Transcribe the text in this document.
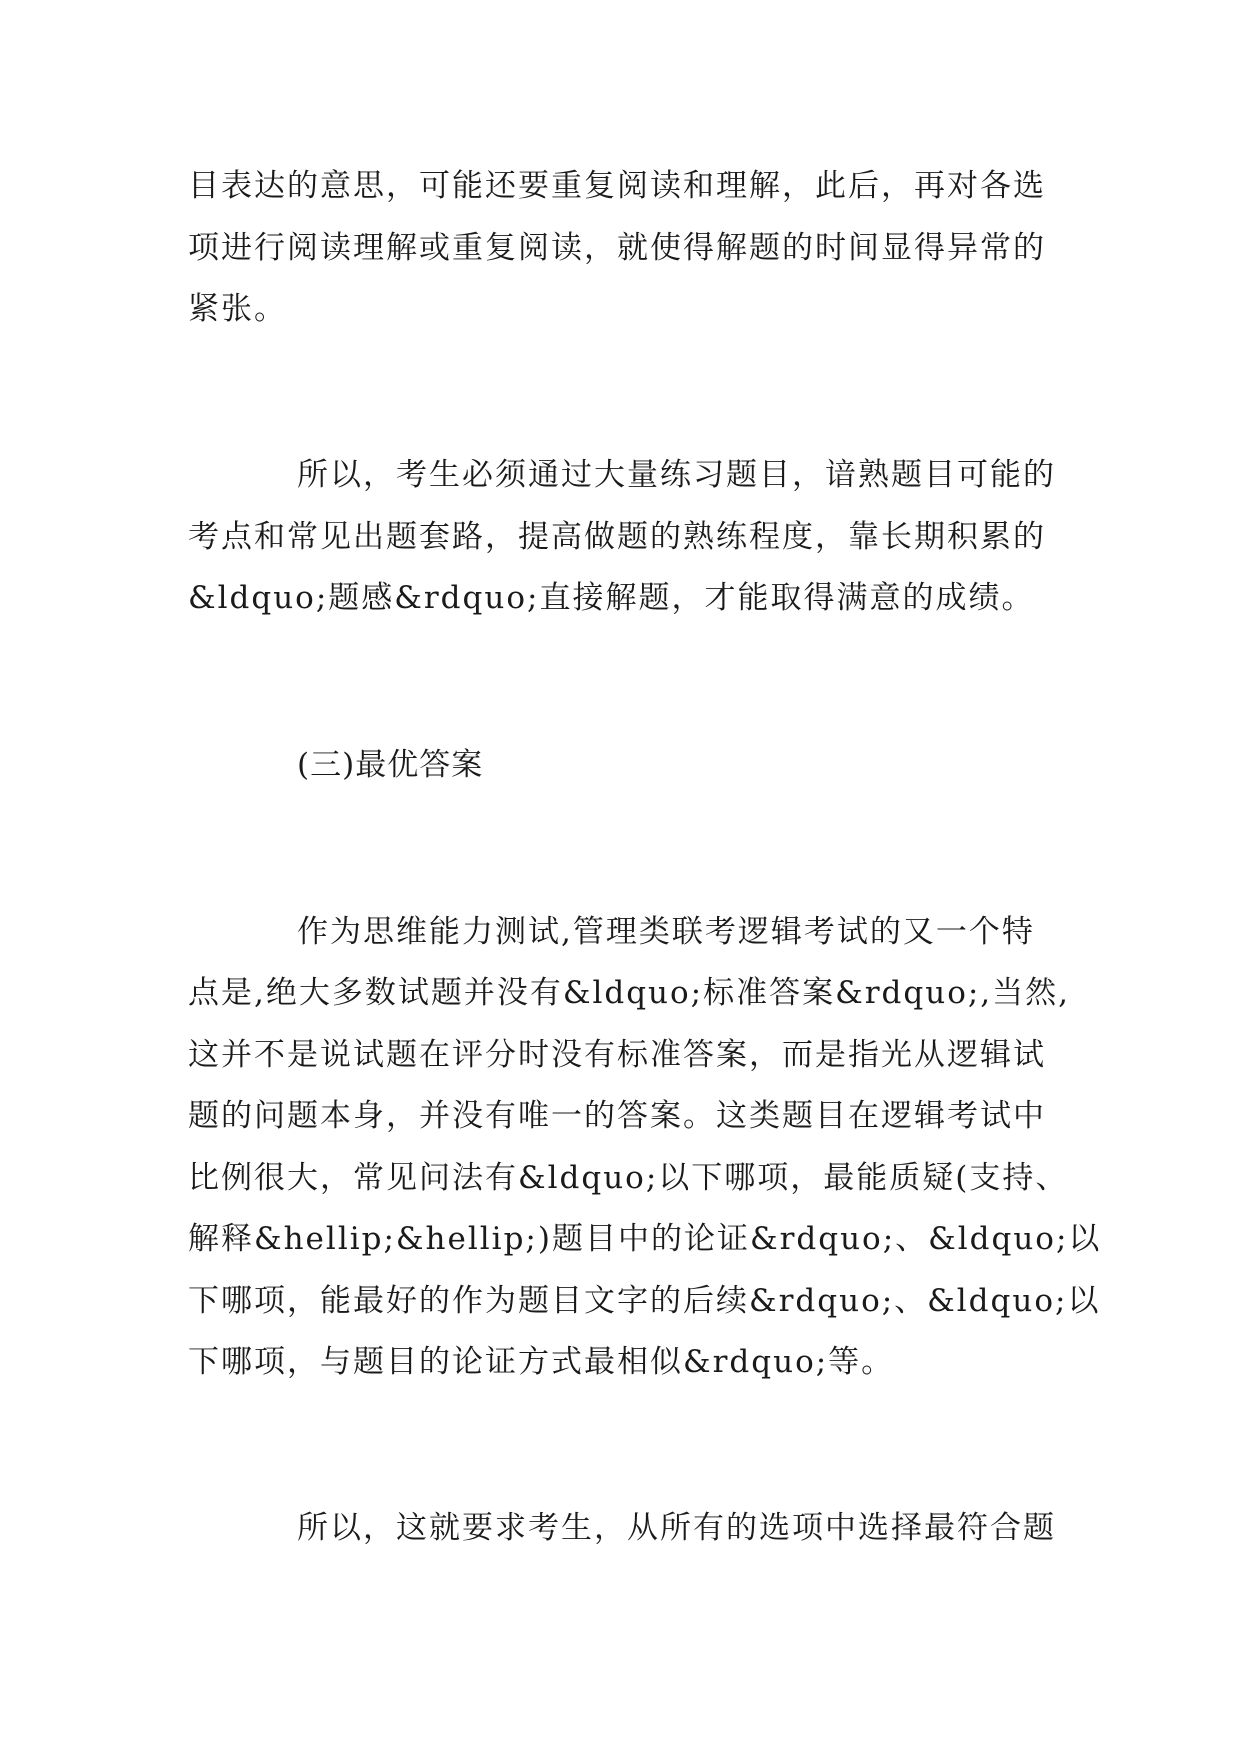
目表达的意思，可能还要重复阅读和理解，此后，再对各选
项进行阅读理解或重复阅读，就使得解题的时间显得异常的
紧张。
所以，考生必须通过大量练习题目，谙熟题目可能的
考点和常见出题套路，提高做题的熟练程度，靠长期积累的
&ldquo;题感&rdquo;直接解题，才能取得满意的成绩。
(三)最优答案
作为思维能力测试,管理类联考逻辑考试的又一个特
点是,绝大多数试题并没有&ldquo;标准答案&rdquo;,当然,
这并不是说试题在评分时没有标准答案，而是指光从逻辑试
题的问题本身，并没有唯一的答案。这类题目在逻辑考试中
比例很大，常见问法有&ldquo;以下哪项，最能质疑(支持、
解释&hellip;&hellip;)题目中的论证&rdquo;、&ldquo;以
下哪项，能最好的作为题目文字的后续&rdquo;、&ldquo;以
下哪项，与题目的论证方式最相似&rdquo;等。
所以，这就要求考生，从所有的选项中选择最符合题
